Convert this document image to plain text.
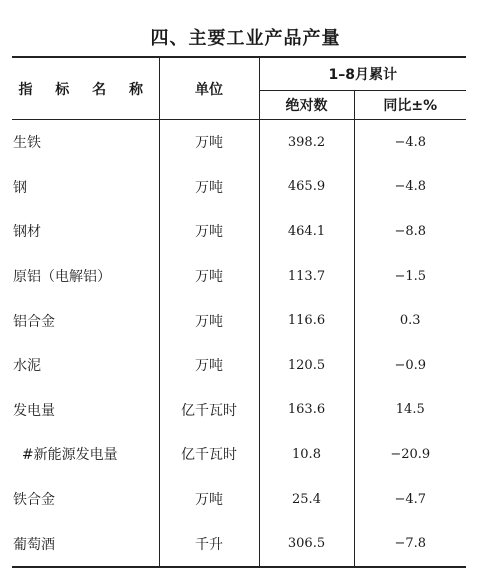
四、主要工业产品产量
指 标 名 称	单位	1–8月累计	
		绝对数	同比±%
生铁	万吨	398.2	−4.8
钢	万吨	465.9	−4.8
钢材	万吨	464.1	−8.8
原铝（电解铝）	万吨	113.7	−1.5
铝合金	万吨	116.6	0.3
水泥	万吨	120.5	−0.9
发电量	亿千瓦时	163.6	14.5
#新能源发电量	亿千瓦时	10.8	−20.9
铁合金	万吨	25.4	−4.7
葡萄酒	千升	306.5	−7.8
